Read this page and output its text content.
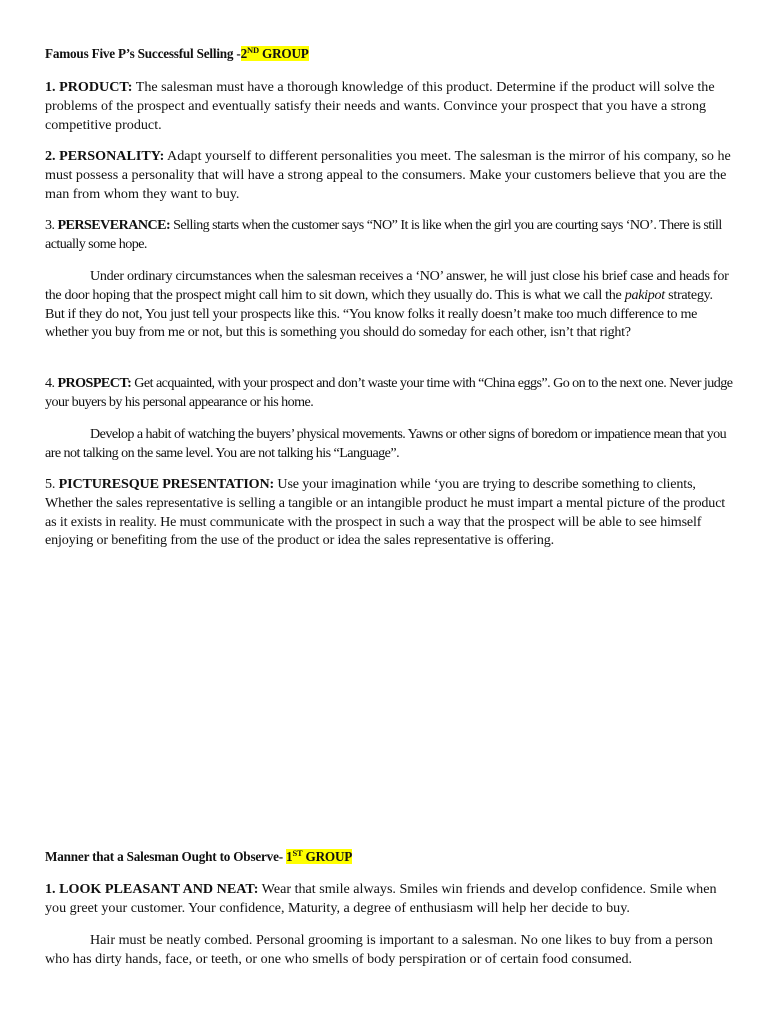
Famous Five P’s Successful Selling -2ND GROUP

1. PRODUCT: The salesman must have a thorough knowledge of this product. Determine if the product will solve the problems of the prospect and eventually satisfy their needs and wants. Convince your prospect that you have a strong competitive product.

2. PERSONALITY: Adapt yourself to different personalities you meet. The salesman is the mirror of his company, so he must possess a personality that will have a strong appeal to the consumers. Make your customers believe that you are the man from whom they want to buy.

3. PERSEVERANCE: Selling starts when the customer says “NO” It is like when the girl you are courting says ‘NO’. There is still actually some hope.

Under ordinary circumstances when the salesman receives a ‘NO’ answer, he will just close his brief case and heads for the door hoping that the prospect might call him to sit down, which they usually do. This is what we call the pakipot strategy. But if they do not, You just tell your prospects like this. “You know folks it really doesn’t make too much difference to me whether you buy from me or not, but this is something you should do someday for each other, isn’t that right?

4. PROSPECT: Get acquainted, with your prospect and don’t waste your time with “China eggs”. Go on to the next one. Never judge your buyers by his personal appearance or his home.

Develop a habit of watching the buyers’ physical movements. Yawns or other signs of boredom or impatience mean that you are not talking on the same level. You are not talking his “Language”.

5. PICTURESQUE PRESENTATION: Use your imagination while ‘you are trying to describe something to clients, Whether the sales representative is selling a tangible or an intangible product he must impart a mental picture of the product as it exists in reality. He must communicate with the prospect in such a way that the prospect will be able to see himself enjoying or benefiting from the use of the product or idea the sales representative is offering.

Manner that a Salesman Ought to Observe- 1ST GROUP

1. LOOK PLEASANT AND NEAT: Wear that smile always. Smiles win friends and develop confidence. Smile when you greet your customer. Your confidence, Maturity, a degree of enthusiasm will help her decide to buy.

Hair must be neatly combed. Personal grooming is important to a salesman. No one likes to buy from a person who has dirty hands, face, or teeth, or one who smells of body perspiration or of certain food consumed.
